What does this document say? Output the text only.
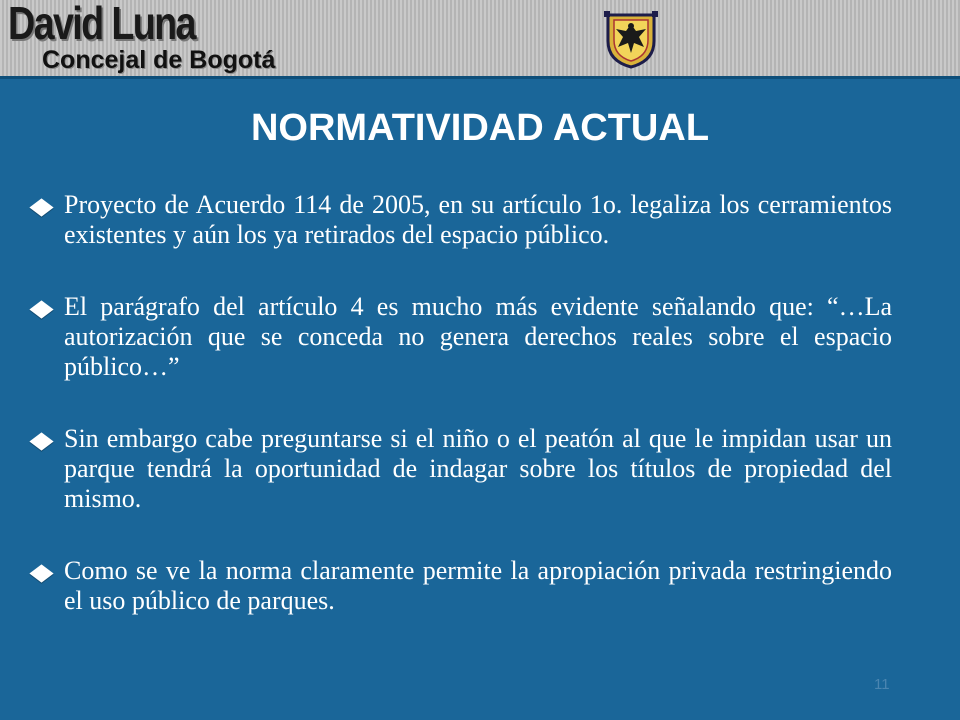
David Luna
Concejal de Bogotá
NORMATIVIDAD ACTUAL
Proyecto de Acuerdo 114 de 2005, en su artículo 1o. legaliza los cerramientos existentes y aún los ya retirados del espacio público.
El parágrafo del artículo 4 es mucho más evidente señalando que: “…La autorización que se conceda no genera derechos reales sobre el espacio público…”
Sin embargo cabe preguntarse si el niño o el peatón al que le impidan usar un parque tendrá la oportunidad de indagar sobre los títulos de propiedad del mismo.
Como se ve la norma claramente permite la apropiación privada restringiendo el uso público de parques.
11
